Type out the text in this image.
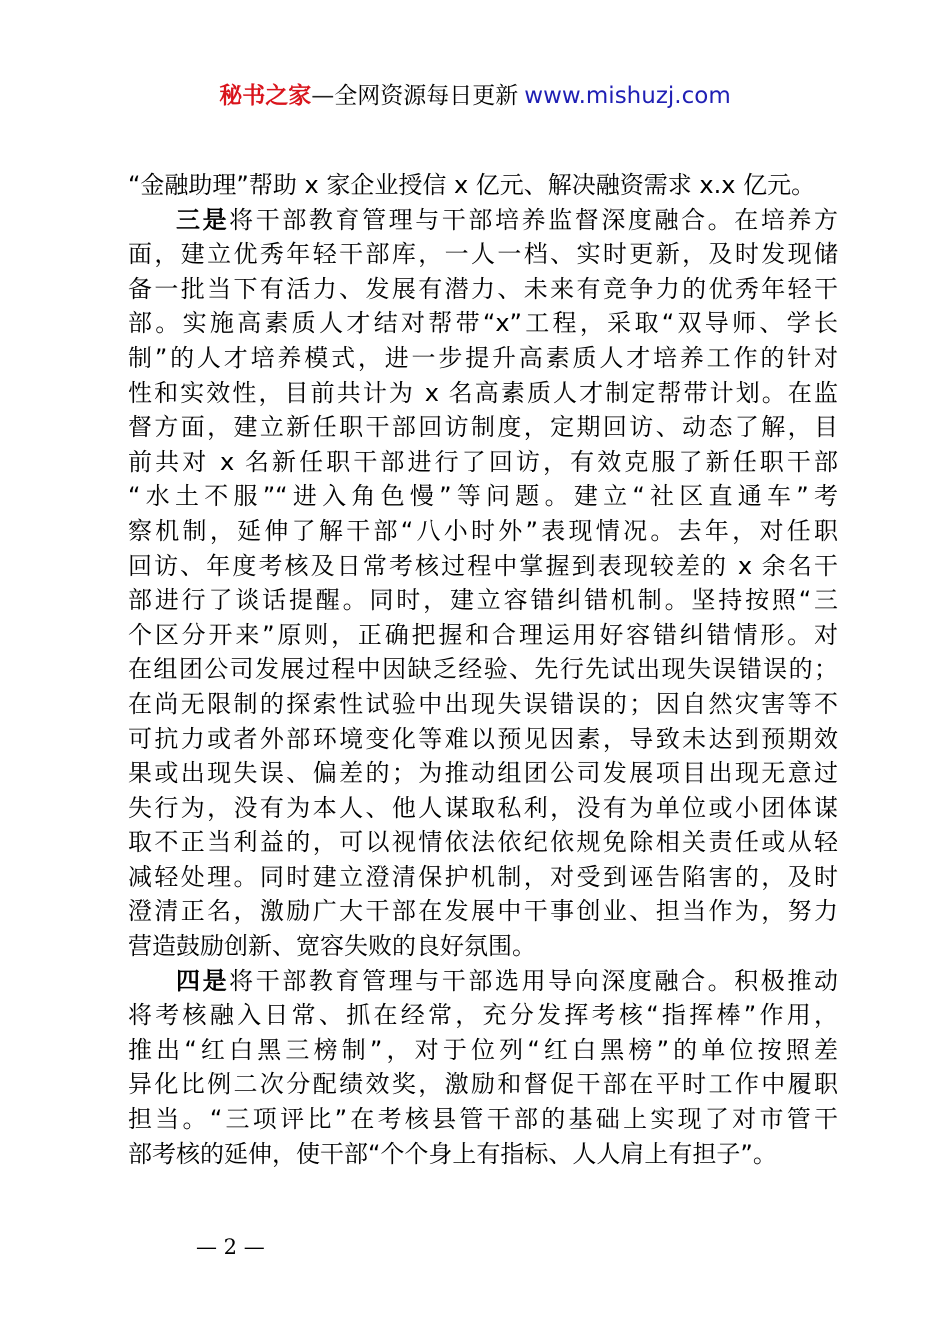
秘书之家—全网资源每日更新 www.mishuzj.com
“金融助理”帮助 x 家企业授信 x 亿元、解决融资需求 x.x 亿元。
三是将干部教育管理与干部培养监督深度融合。在培养方
面，建立优秀年轻干部库，一人一档、实时更新，及时发现储
备一批当下有活力、发展有潜力、未来有竞争力的优秀年轻干
部。实施高素质人才结对帮带“x”工程，采取“双导师、学长
制”的人才培养模式，进一步提升高素质人才培养工作的针对
性和实效性，目前共计为 x 名高素质人才制定帮带计划。在监
督方面，建立新任职干部回访制度，定期回访、动态了解，目
前共对 x 名新任职干部进行了回访，有效克服了新任职干部
“水土不服”“进入角色慢”等问题。建立“社区直通车”考
察机制，延伸了解干部“八小时外”表现情况。去年，对任职
回访、年度考核及日常考核过程中掌握到表现较差的 x 余名干
部进行了谈话提醒。同时，建立容错纠错机制。坚持按照“三
个区分开来”原则，正确把握和合理运用好容错纠错情形。对
在组团公司发展过程中因缺乏经验、先行先试出现失误错误的；
在尚无限制的探索性试验中出现失误错误的；因自然灾害等不
可抗力或者外部环境变化等难以预见因素，导致未达到预期效
果或出现失误、偏差的；为推动组团公司发展项目出现无意过
失行为，没有为本人、他人谋取私利，没有为单位或小团体谋
取不正当利益的，可以视情依法依纪依规免除相关责任或从轻
减轻处理。同时建立澄清保护机制，对受到诬告陷害的，及时
澄清正名，激励广大干部在发展中干事创业、担当作为，努力
营造鼓励创新、宽容失败的良好氛围。
四是将干部教育管理与干部选用导向深度融合。积极推动
将考核融入日常、抓在经常，充分发挥考核“指挥棒”作用，
推出“红白黑三榜制”，对于位列“红白黑榜”的单位按照差
异化比例二次分配绩效奖，激励和督促干部在平时工作中履职
担当。“三项评比”在考核县管干部的基础上实现了对市管干
部考核的延伸，使干部“个个身上有指标、人人肩上有担子”。
— 2 —
